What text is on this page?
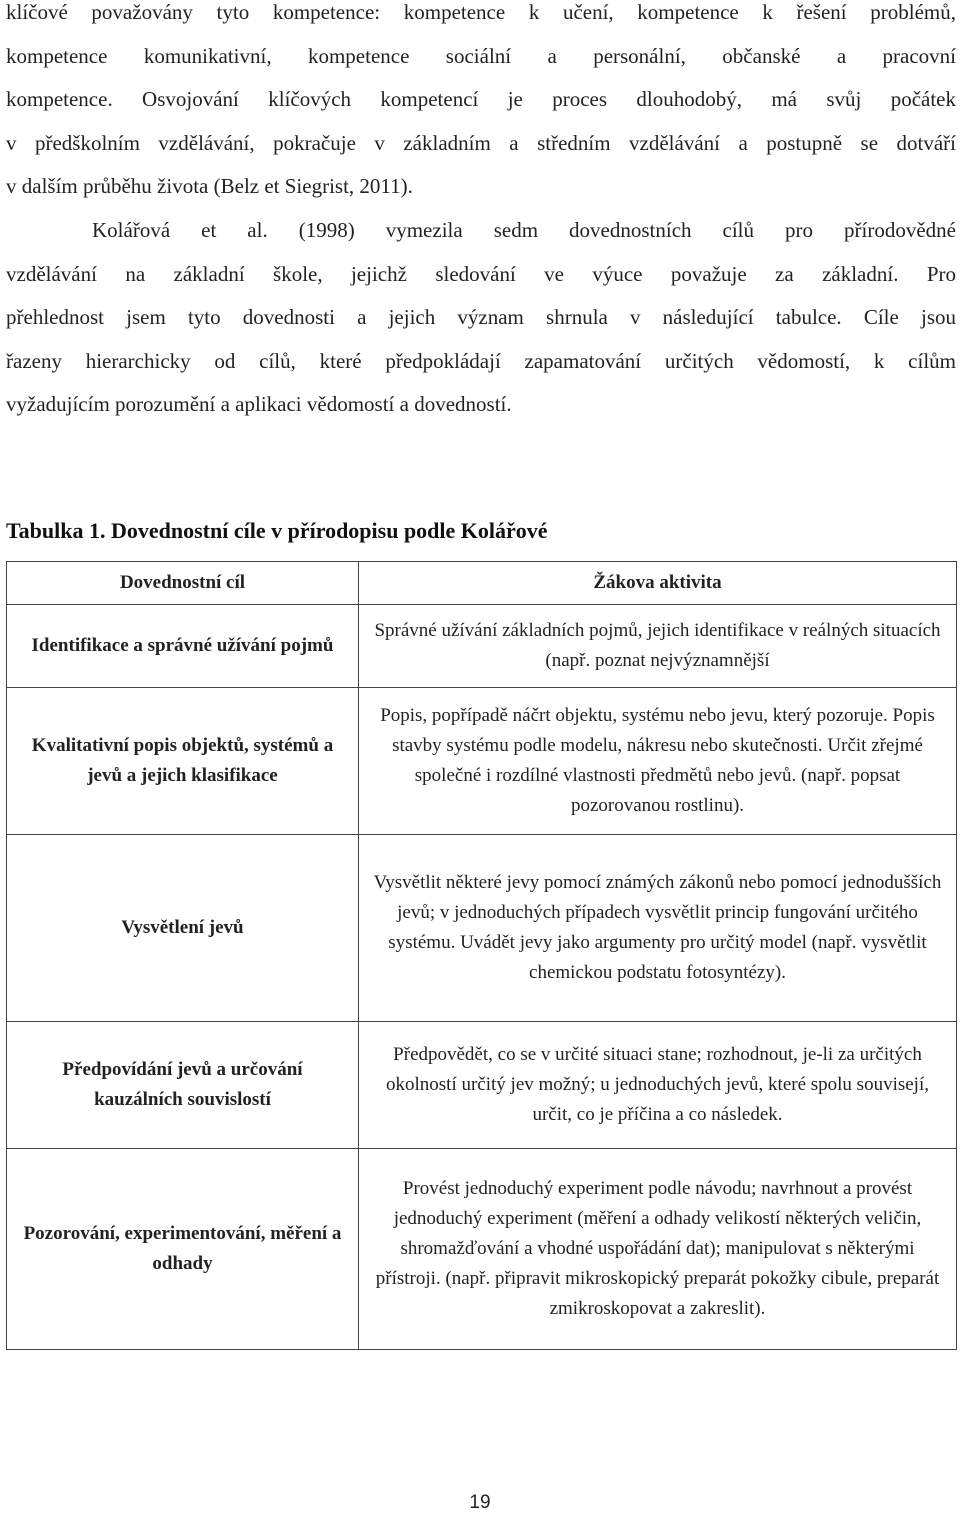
klíčové považovány tyto kompetence: kompetence k učení, kompetence k řešení problémů,
kompetence komunikativní, kompetence sociální a personální, občanské a pracovní
kompetence. Osvojování klíčových kompetencí je proces dlouhodobý, má svůj počátek
v předškolním vzdělávání, pokračuje v základním a středním vzdělávání a postupně se dotváří
v dalším průběhu života (Belz et Siegrist, 2011).
Kolářová et al. (1998) vymezila sedm dovednostních cílů pro přírodovědné
vzdělávání na základní škole, jejichž sledování ve výuce považuje za základní. Pro
přehlednost jsem tyto dovednosti a jejich význam shrnula v následující tabulce. Cíle jsou
řazeny hierarchicky od cílů, které předpokládají zapamatování určitých vědomostí, k cílům
vyžadujícím porozumění a aplikaci vědomostí a dovedností.
Tabulka 1. Dovednostní cíle v přírodopisu podle Kolářové
Dovednostní cíl	Žákova aktivita
Identifikace a správné užívání pojmů	Správné užívání základních pojmů, jejich identifikace v reálných situacích (např. poznat nejvýznamnější

Kvalitativní popis objektů, systémů a jevů a jejich klasifikace	Popis, popřípadě náčrt objektu, systému nebo jevu, který pozoruje. Popis stavby systému podle modelu, nákresu nebo skutečnosti. Určit zřejmé společné i rozdílné vlastnosti předmětů nebo jevů. (např. popsat pozorovanou rostlinu).
Vysvětlení jevů	Vysvětlit některé jevy pomocí známých zákonů nebo pomocí jednodušších jevů; v jednoduchých případech vysvětlit princip fungování určitého systému. Uvádět jevy jako argumenty pro určitý model (např. vysvětlit chemickou podstatu fotosyntézy).
Předpovídání jevů a určování kauzálních souvislostí	Předpovědět, co se v určité situaci stane; rozhodnout, je-li za určitých okolností určitý jev možný; u jednoduchých jevů, které spolu souvisejí, určit, co je příčina a co následek.
Pozorování, experimentování, měření a odhady	Provést jednoduchý experiment podle návodu; navrhnout a provést jednoduchý experiment (měření a odhady velikostí některých veličin, shromažďování a vhodné uspořádání dat); manipulovat s některými přístroji. (např. připravit mikroskopický preparát pokožky cibule, preparát zmikroskopovat a zakreslit).
19
